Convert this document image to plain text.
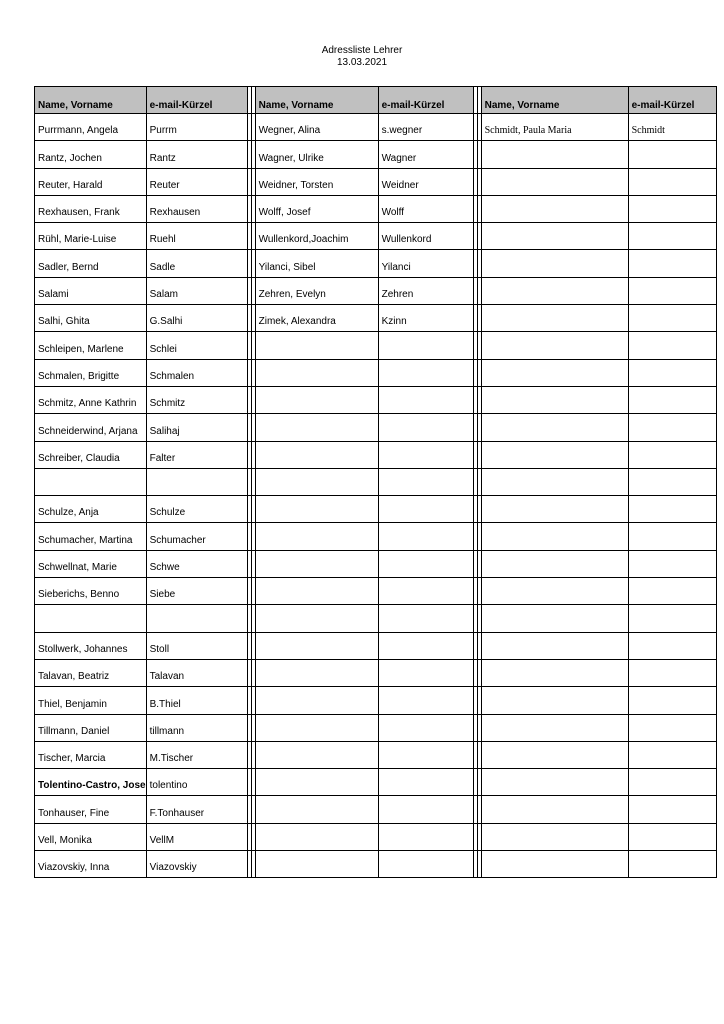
Adressliste Lehrer
13.03.2021
Name, Vorname	e-mail-Kürzel			Name, Vorname	e-mail-Kürzel			Name, Vorname	e-mail-Kürzel
Purrmann, Angela	Purrm			Wegner, Alina	s.wegner			Schmidt, Paula Maria	Schmidt
Rantz, Jochen	Rantz			Wagner, Ulrike	Wagner				
Reuter, Harald	Reuter			Weidner, Torsten	Weidner				
Rexhausen, Frank	Rexhausen			Wolff, Josef	Wolff				
Rühl, Marie-Luise	Ruehl			Wullenkord,Joachim	Wullenkord				
Sadler, Bernd	Sadle			Yilanci, Sibel	Yilanci				
Salami	Salam			Zehren, Evelyn	Zehren				
Salhi, Ghita	G.Salhi			Zimek, Alexandra	Kzinn				
Schleipen, Marlene	Schlei								
Schmalen, Brigitte	Schmalen								
Schmitz, Anne Kathrin	Schmitz								
Schneiderwind, Arjana	Salihaj								
Schreiber, Claudia	Falter								

Schulze, Anja	Schulze								
Schumacher, Martina	Schumacher								
Schwellnat, Marie	Schwe								
Sieberichs, Benno	Siebe								

Stollwerk, Johannes	Stoll								
Talavan, Beatriz	Talavan								
Thiel, Benjamin	B.Thiel								
Tillmann, Daniel	tillmann								
Tischer, Marcia	M.Tischer								
Tolentino-Castro, Jose	tolentino								
Tonhauser, Fine	F.Tonhauser								
Vell, Monika	VellM								
Viazovskiy, Inna	Viazovskiy								
